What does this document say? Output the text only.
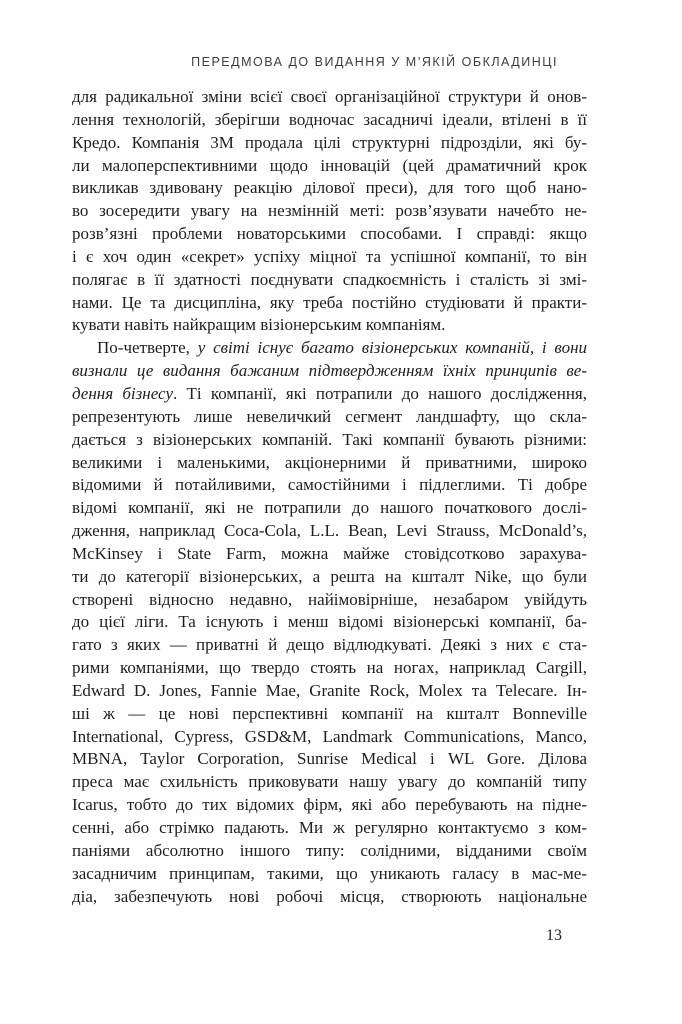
ПЕРЕДМОВА ДО ВИДАННЯ У М’ЯКІЙ ОБКЛАДИНЦІ
для радикальної зміни всієї своєї організаційної структури й онов-
лення технологій, зберігши водночас засадничі ідеали, втілені в її
Кредо. Компанія 3М продала цілі структурні підрозділи, які бу-
ли малоперспективними щодо інновацій (цей драматичний крок
викликав здивовану реакцію ділової преси), для того щоб нано-
во зосередити увагу на незмінній меті: розв’язувати начебто не-
розв’язні проблеми новаторськими способами. І справді: якщо
і є хоч один «секрет» успіху міцної та успішної компанії, то він
полягає в її здатності поєднувати спадкоємність і сталість зі змі-
нами. Це та дисципліна, яку треба постійно студіювати й практи-
кувати навіть найкращим візіонерським компаніям.
По-четверте, у світі існує багато візіонерських компаній, і вони
визнали це видання бажаним підтвердженням їхніх принципів ве-
дення бізнесу. Ті компанії, які потрапили до нашого дослідження,
репрезентують лише невеличкий сегмент ландшафту, що скла-
дається з візіонерських компаній. Такі компанії бувають різними:
великими і маленькими, акціонерними й приватними, широко
відомими й потайливими, самостійними і підлеглими. Ті добре
відомі компанії, які не потрапили до нашого початкового дослі-
дження, наприклад Coca-Cola, L.L. Bean, Levi Strauss, McDonald’s,
McKinsey і State Farm, можна майже стовідсотково зарахува-
ти до категорії візіонерських, а решта на кшталт Nike, що були
створені відносно недавно, найімовірніше, незабаром увійдуть
до цієї ліги. Та існують і менш відомі візіонерські компанії, ба-
гато з яких — приватні й дещо відлюдкуваті. Деякі з них є ста-
рими компаніями, що твердо стоять на ногах, наприклад Cargill,
Edward D. Jones, Fannie Mae, Granite Rock, Molex та Telecare. Ін-
ші ж — це нові перспективні компанії на кшталт Bonneville
International, Cypress, GSD&M, Landmark Communications, Manco,
MBNA, Taylor Corporation, Sunrise Medical і WL Gore. Ділова
преса має схильність приковувати нашу увагу до компаній типу
Icarus, тобто до тих відомих фірм, які або перебувають на підне-
сенні, або стрімко падають. Ми ж регулярно контактуємо з ком-
паніями абсолютно іншого типу: солідними, відданими своїм
засадничим принципам, такими, що уникають галасу в мас-ме-
діа, забезпечують нові робочі місця, створюють національне
13
